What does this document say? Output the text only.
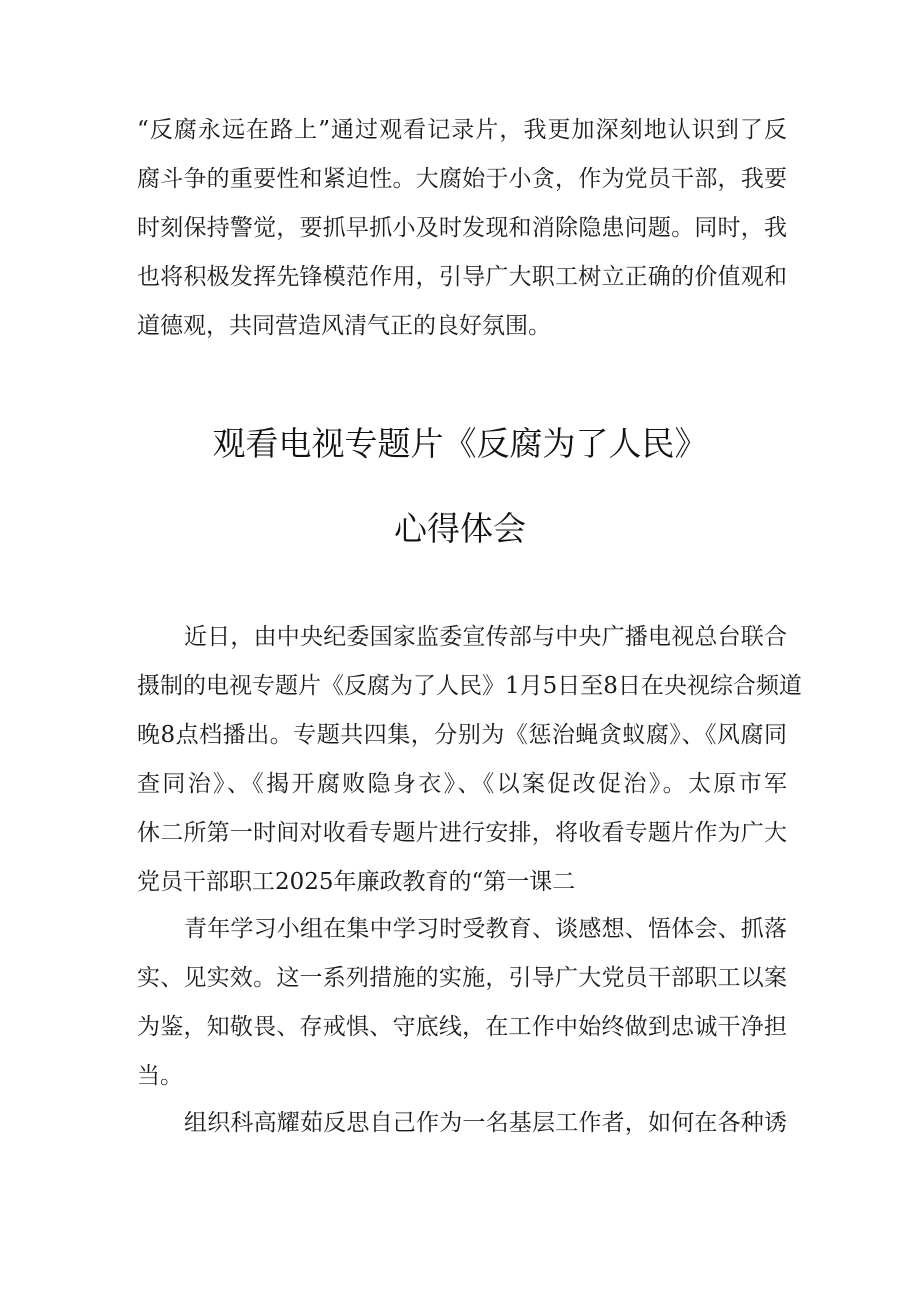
“反腐永远在路上”通过观看记录片，我更加深刻地认识到了反
腐斗争的重要性和紧迫性。大腐始于小贪，作为党员干部，我要
时刻保持警觉，要抓早抓小及时发现和消除隐患问题。同时，我
也将积极发挥先锋模范作用，引导广大职工树立正确的价值观和
道德观，共同营造风清气正的良好氛围。
观看电视专题片《反腐为了人民》
心得体会
近日，由中央纪委国家监委宣传部与中央广播电视总台联合
摄制的电视专题片《反腐为了人民》1月5日至8日在央视综合频道
晚8点档播出。专题共四集，分别为《惩治蝇贪蚁腐》、《风腐同
查同治》、《揭开腐败隐身衣》、《以案促改促治》。太原市军
休二所第一时间对收看专题片进行安排，将收看专题片作为广大
党员干部职工2025年廉政教育的“第一课二
青年学习小组在集中学习时受教育、谈感想、悟体会、抓落
实、见实效。这一系列措施的实施，引导广大党员干部职工以案
为鉴，知敬畏、存戒惧、守底线，在工作中始终做到忠诚干净担
当。
组织科高耀茹反思自己作为一名基层工作者，如何在各种诱
